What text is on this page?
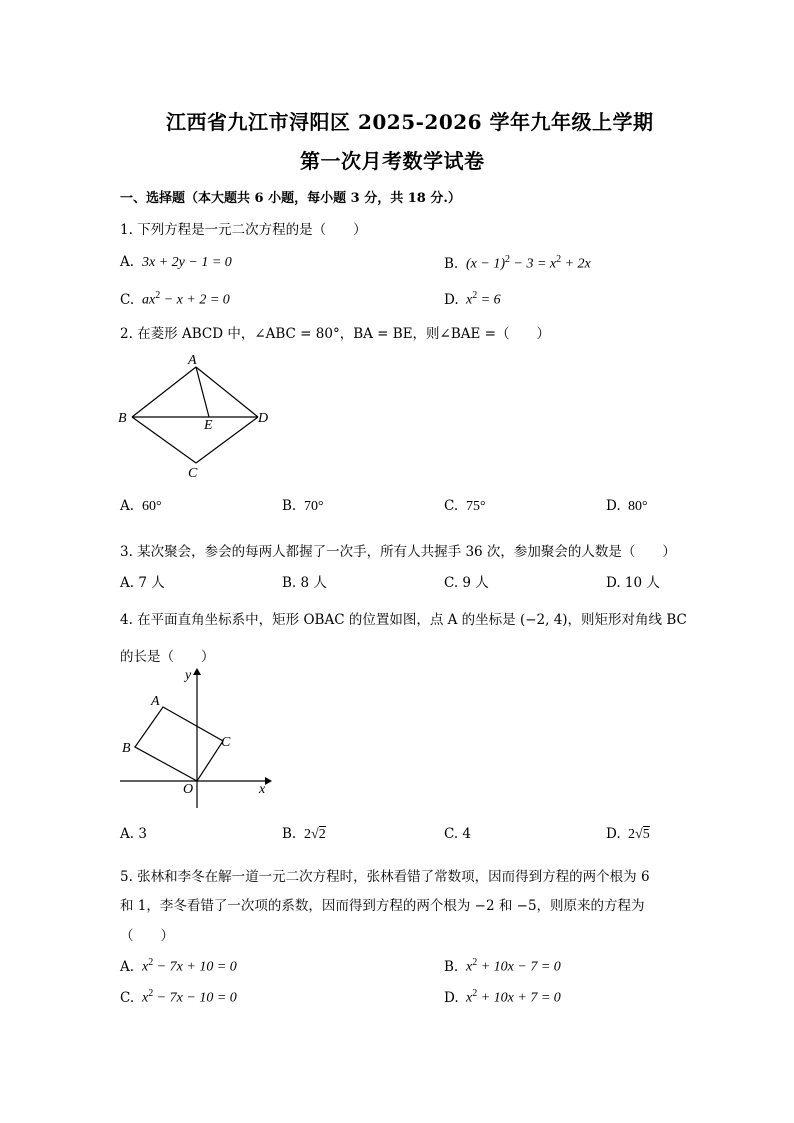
江西省九江市浔阳区 2025-2026 学年九年级上学期
第一次月考数学试卷
一、选择题（本大题共 6 小题，每小题 3 分，共 18 分.）
1. 下列方程是一元二次方程的是（　　）
A. 3x + 2y − 1 = 0	B. $(x - 1)^2 - 3 = x^2 + 2x$
C. $ax^2 - x + 2 = 0$	D. $x^2 = 6$
2. 在菱形 ABCD 中，∠ABC = 80°，BA = BE，则∠BAE =（　　）
A
B	D
E
C
A. 60°	B. 70°	C. 75°	D. 80°
3. 某次聚会，参会的每两人都握了一次手，所有人共握手 36 次，参加聚会的人数是（　　）
A. 7 人	B. 8 人	C. 9 人	D. 10 人
4. 在平面直角坐标系中，矩形 OBAC 的位置如图，点 A 的坐标是 (−2, 4)，则矩形对角线 BC
的长是（　　）
y
x
A
B	C
O
A. 3	B. 2√2	C. 4	D. 2√5
5. 张林和李冬在解一道一元二次方程时，张林看错了常数项，因而得到方程的两个根为 6
和 1，李冬看错了一次项的系数，因而得到方程的两个根为 −2 和 −5，则原来的方程为
（　　）
A. $x^2 - 7x + 10 = 0$	B. $x^2 + 10x - 7 = 0$
C. $x^2 - 7x - 10 = 0$	D. $x^2 + 10x + 7 = 0$
